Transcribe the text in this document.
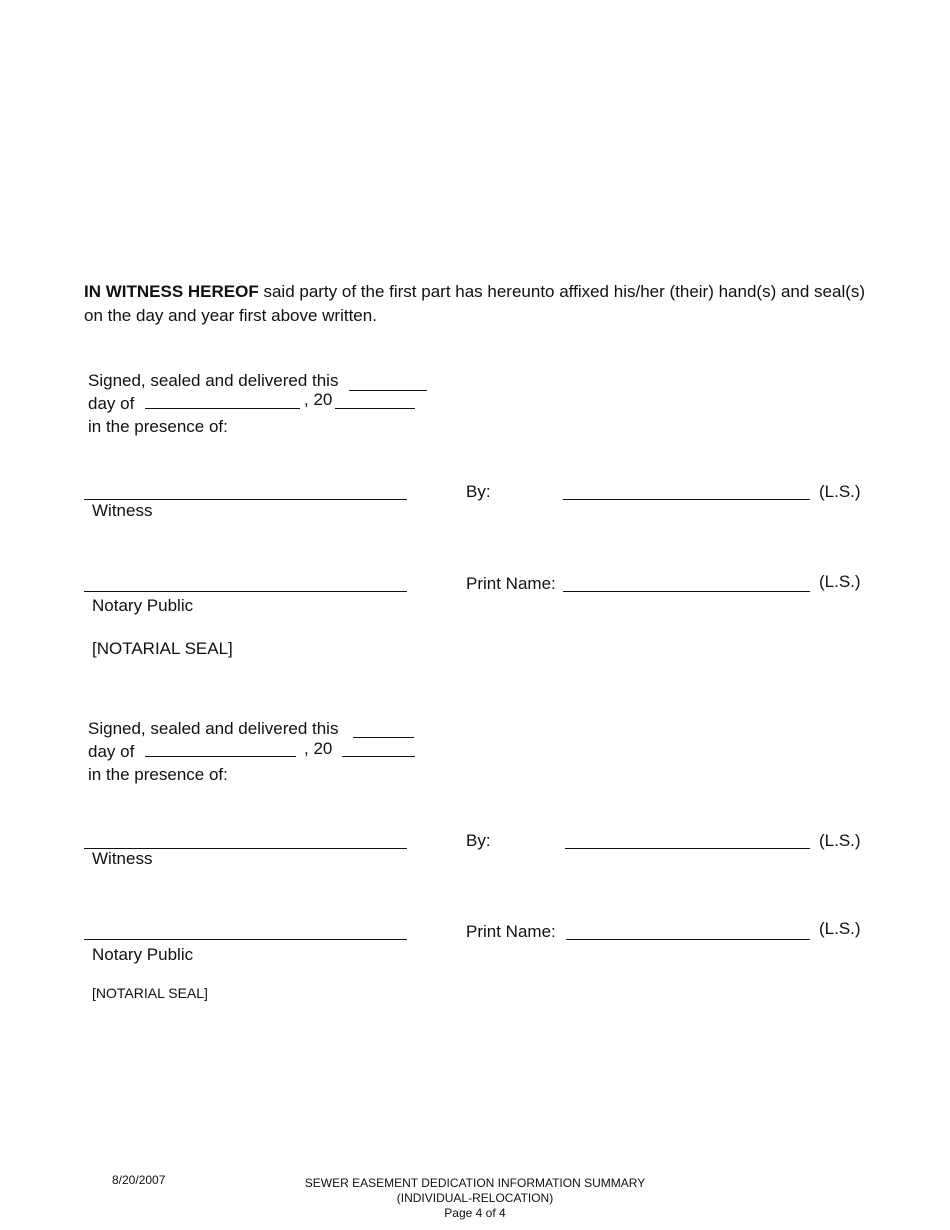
IN WITNESS HEREOF said party of the first part has hereunto affixed his/her (their) hand(s) and seal(s) on the day and year first above written.
Signed, sealed and delivered this
day of	, 20
in the presence of:
Witness
By:	(L.S.)
Notary Public
Print Name:	(L.S.)
[NOTARIAL SEAL]
Signed, sealed and delivered this
day of	, 20
in the presence of:
Witness
By:	(L.S.)
Notary Public
Print Name:	(L.S.)
[NOTARIAL SEAL]
8/20/2007	SEWER EASEMENT DEDICATION INFORMATION SUMMARY
(INDIVIDUAL-RELOCATION)
Page 4 of 4
